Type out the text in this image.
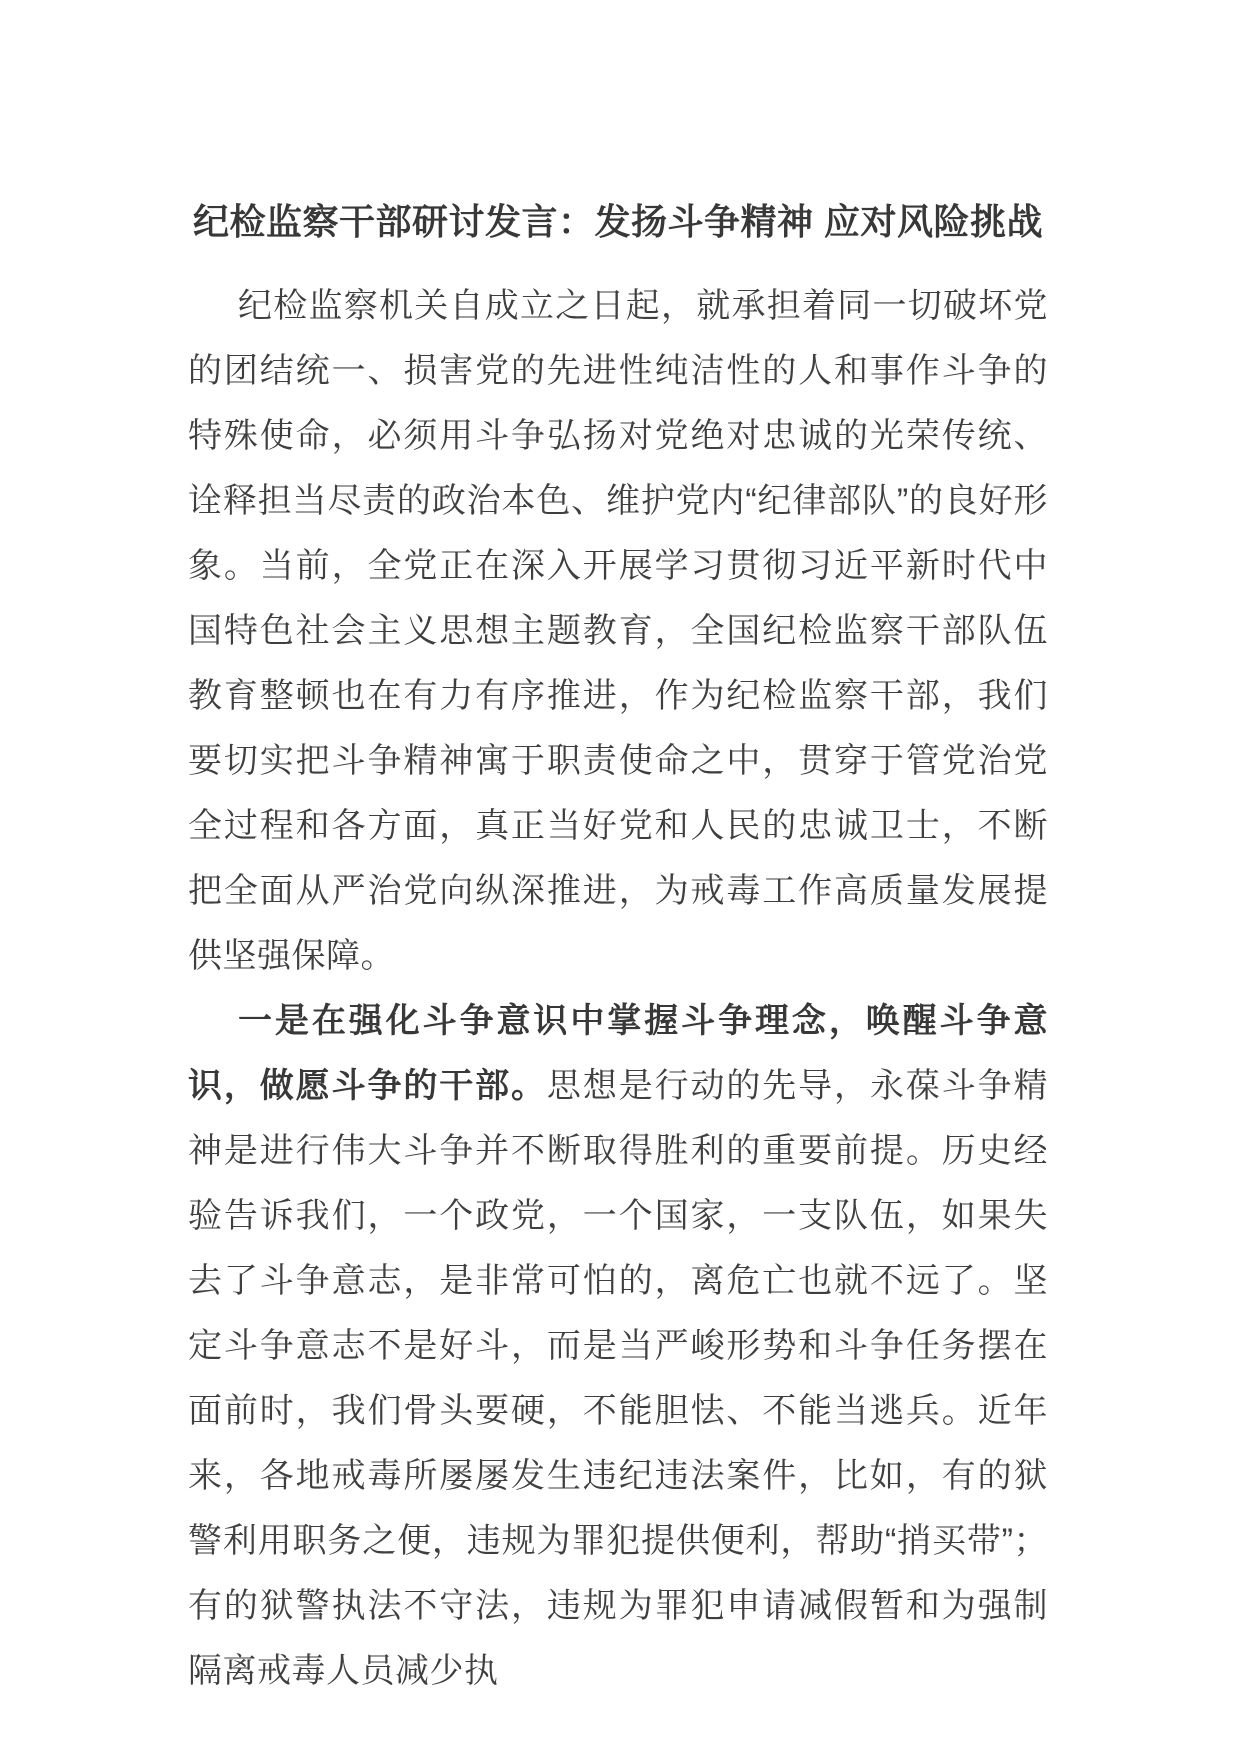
纪检监察干部研讨发言：发扬斗争精神 应对风险挑战

纪检监察机关自成立之日起，就承担着同一切破坏党的团结统一、损害党的先进性纯洁性的人和事作斗争的特殊使命，必须用斗争弘扬对党绝对忠诚的光荣传统、诠释担当尽责的政治本色、维护党内“纪律部队”的良好形象。当前，全党正在深入开展学习贯彻习近平新时代中国特色社会主义思想主题教育，全国纪检监察干部队伍教育整顿也在有力有序推进，作为纪检监察干部，我们要切实把斗争精神寓于职责使命之中，贯穿于管党治党全过程和各方面，真正当好党和人民的忠诚卫士，不断把全面从严治党向纵深推进，为戒毒工作高质量发展提供坚强保障。

一是在强化斗争意识中掌握斗争理念，唤醒斗争意识，做愿斗争的干部。思想是行动的先导，永葆斗争精神是进行伟大斗争并不断取得胜利的重要前提。历史经验告诉我们，一个政党，一个国家，一支队伍，如果失去了斗争意志，是非常可怕的，离危亡也就不远了。坚定斗争意志不是好斗，而是当严峻形势和斗争任务摆在面前时，我们骨头要硬，不能胆怯、不能当逃兵。近年来，各地戒毒所屡屡发生违纪违法案件，比如，有的狱警利用职务之便，违规为罪犯提供便利，帮助“捎买带”；有的狱警执法不守法，违规为罪犯申请减假暂和为强制隔离戒毒人员减少执
